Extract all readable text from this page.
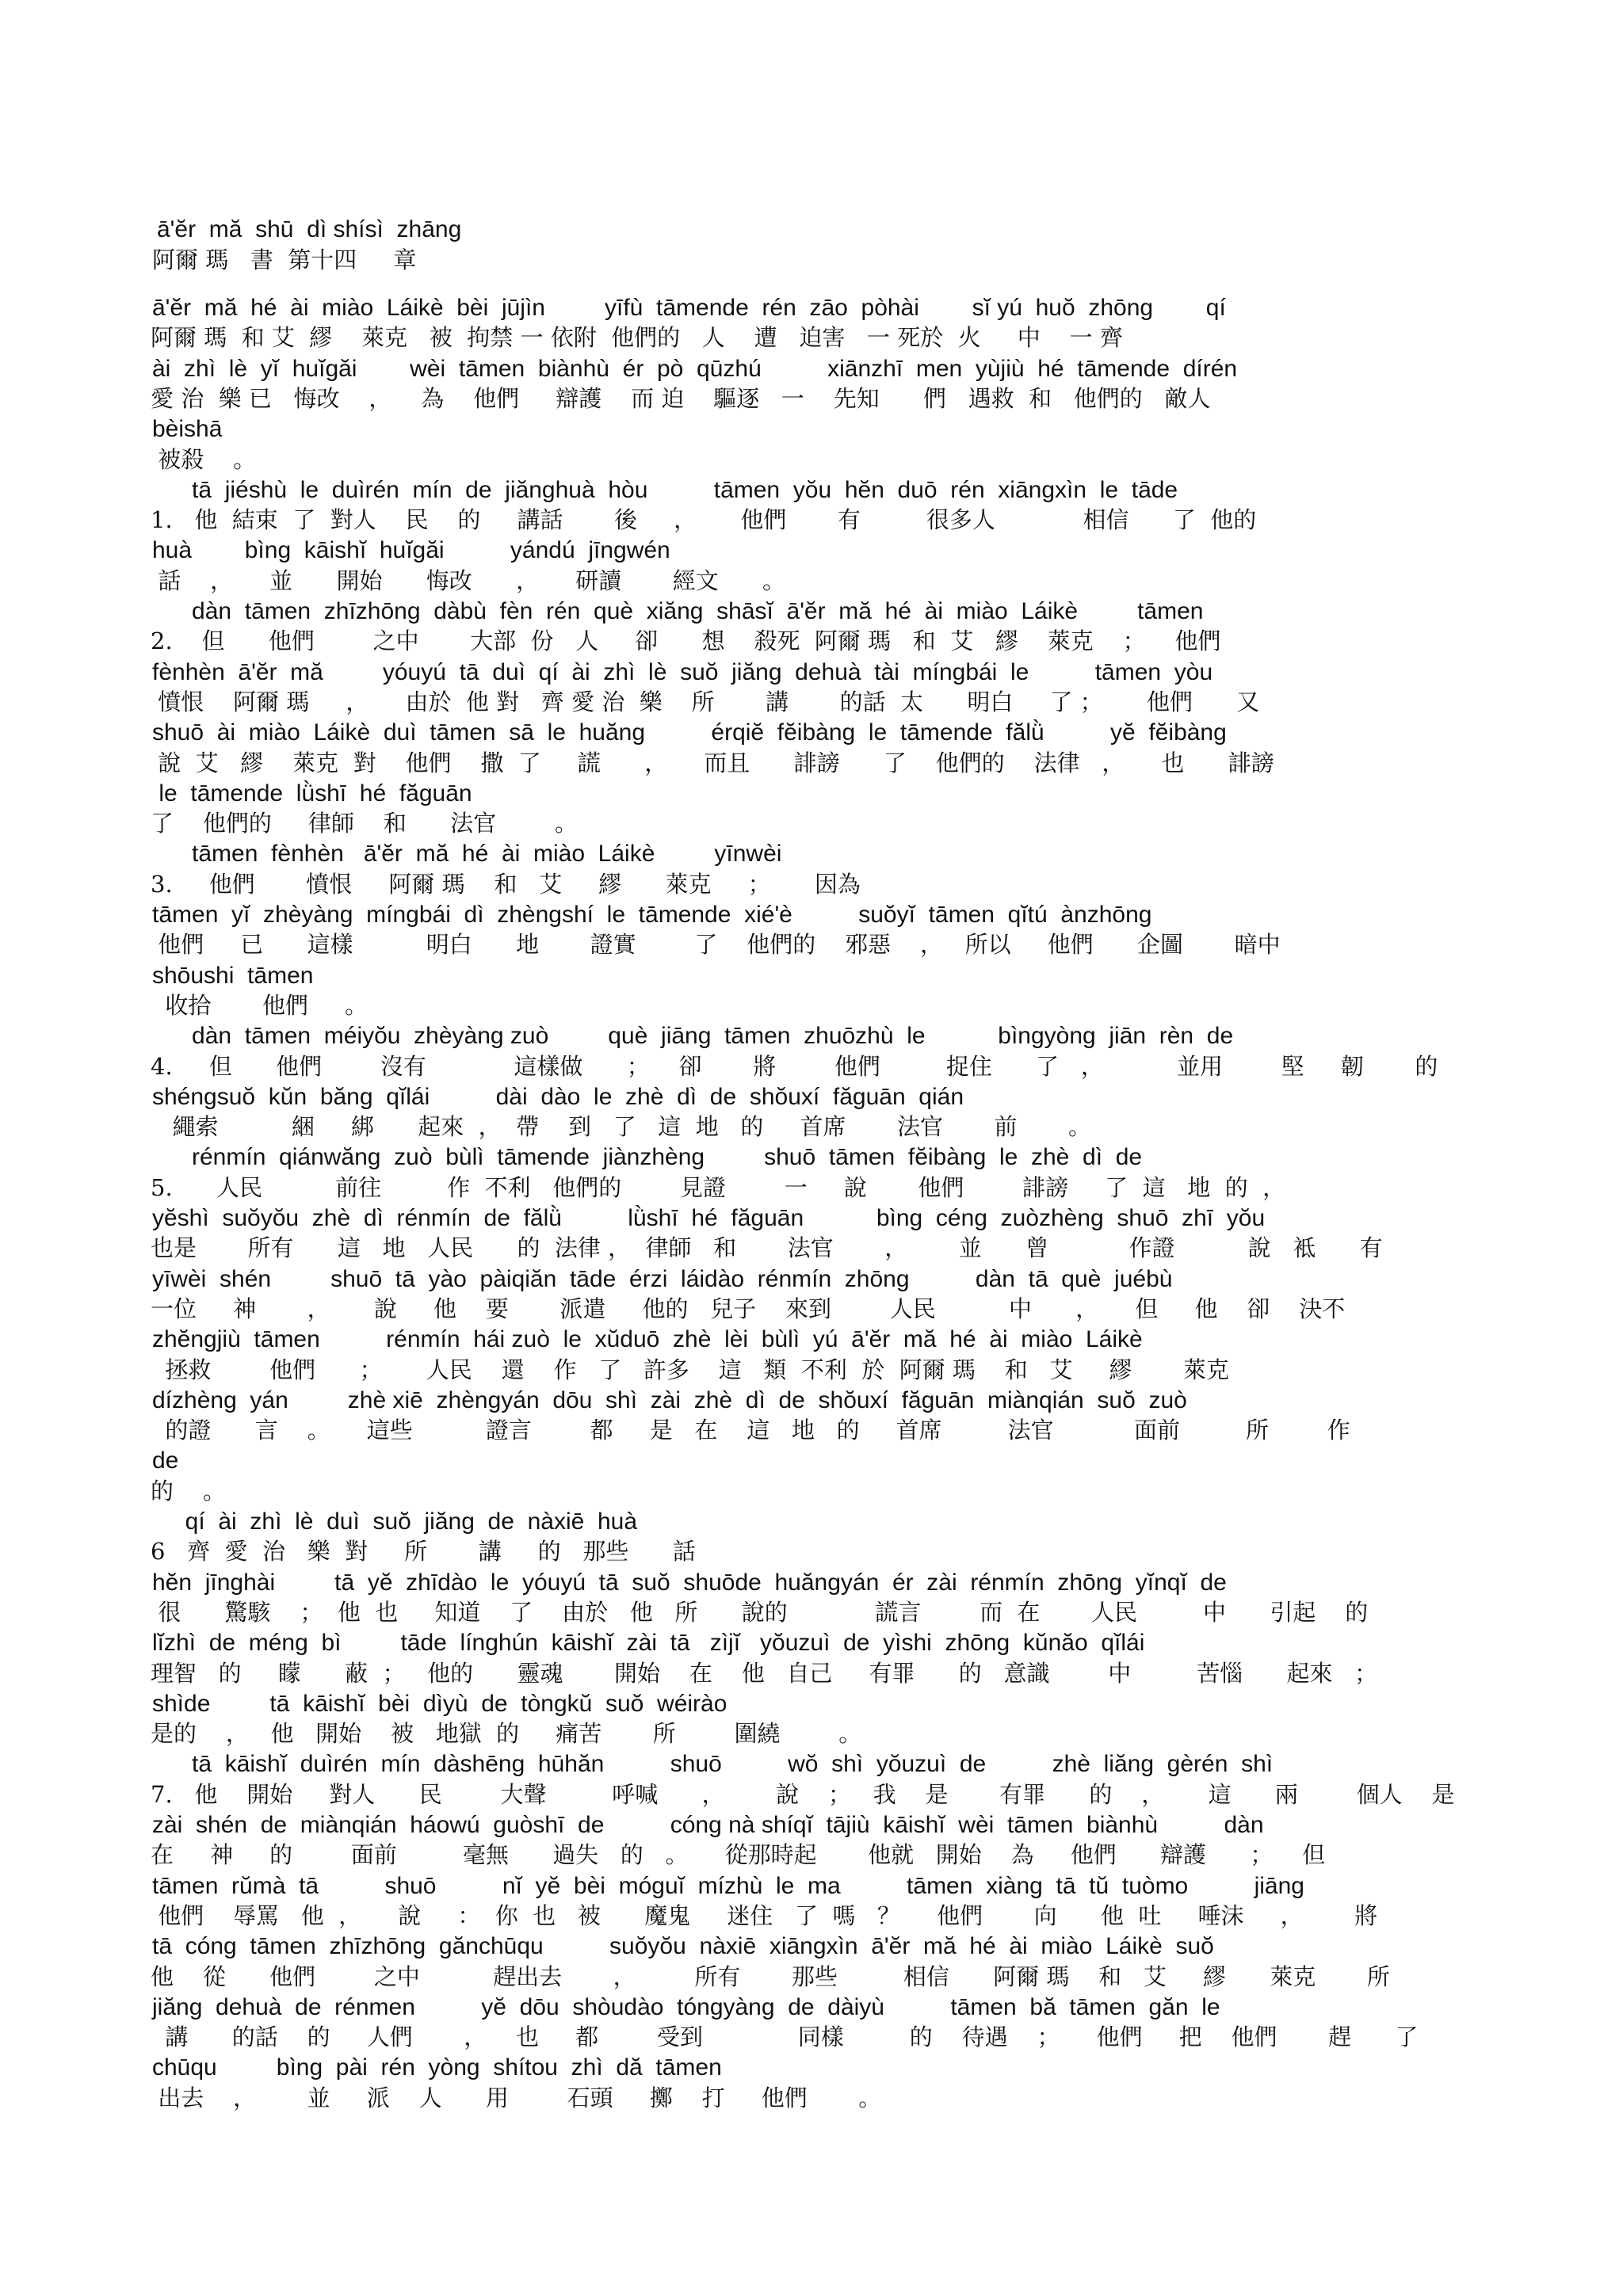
ā'ĕr  mă  shū  dì shísì  zhāng
阿爾 瑪   書  第十四     章
ā'ĕr  mă  hé  ài  miào  Láikè  bèi  jūjìn         yīfù  tāmende  rén  zāo  pòhài        sĭ yú  huŏ  zhōng        qí
阿爾 瑪  和 艾  繆    萊克   被  拘禁 一 依附  他們的   人    遭   迫害   一 死於  火     中    一 齊
ài  zhì  lè  yĭ  huĭgăi        wèi  tāmen  biànhù  ér  pò  qūzhú          xiānzhī  men  yùjiù  hé  tāmende  dírén
愛 治  樂 已   悔改    ，    為    他們     辯護    而 迫    驅逐   一    先知      們   遇救  和   他們的   敵人
bèishā
被殺    。
tā  jiéshù  le  duìrén  mín  de  jiănghuà  hòu          tāmen  yŏu  hĕn  duō  rén  xiāngxìn  le  tāde
1.   他  結束  了  對人    民    的     講話       後     ，      他們       有         很多人            相信      了  他的
huà        bìng  kāishĭ  huĭgăi          yándú  jīngwén
話    ，     並      開始      悔改      ，     研讀       經文      。
dàn  tāmen  zhīzhōng  dàbù  fèn  rén  què  xiăng  shāsĭ  ā'ĕr  mă  hé  ài  miào  Láikè         tāmen
2.    但      他們        之中       大部  份   人     卻      想    殺死  阿爾 瑪   和  艾   繆    萊克    ；    他們
fènhèn  ā'ĕr  mă         yóuyú  tā  duì  qí  ài  zhì  lè  suŏ  jiăng  dehuà  tài  míngbái  le          tāmen  yòu
憤恨    阿爾 瑪     ，     由於  他 對   齊 愛 治  樂    所       講       的話  太      明白     了 ；      他們      又
shuō  ài  miào  Láikè  duì  tāmen  sā  le  huăng          érqiĕ  fĕibàng  le  tāmende  fălǜ          yĕ  fĕibàng
說  艾   繆    萊克  對    他們    撒  了     謊      ，     而且      誹謗      了    他們的    法律   ，     也      誹謗
le  tāmende  lǜshī  hé  făguān
了    他們的     律師    和      法官        。
tāmen  fènhèn   ā'ĕr  mă  hé  ài  miào  Láikè         yīnwèi
3.     他們       憤恨     阿爾 瑪    和   艾     繆      萊克     ；      因為
tāmen  yĭ  zhèyàng  míngbái  dì  zhèngshí  le  tāmende  xié'è          suŏyĭ  tāmen  qĭtú  ànzhōng
他們     已      這樣          明白      地       證實        了    他們的    邪惡    ，   所以     他們      企圖       暗中
shōushi  tāmen
收拾       他們     。
dàn  tāmen  méiyŏu  zhèyàng zuò         què  jiāng  tāmen  zhuōzhù  le           bìngyòng  jiān  rèn  de
4.     但      他們        沒有            這樣做      ；    卻       將        他們         捉住      了   ，          並用        堅     韌       的
shéngsuŏ  kŭn  băng  qĭlái          dài  dào  le  zhè  dì  de  shŏuxí  făguān  qián
繩索          綑     綁      起來  ，  帶    到   了   這  地   的     首席       法官       前       。
rénmín  qiánwăng  zuò  bùlì  tāmende  jiànzhèng         shuō  tāmen  fĕibàng  le  zhè  dì  de
5.      人民          前往         作  不利   他們的        見證        一     說       他們        誹謗     了  這   地  的  ，
yĕshì  suŏyŏu  zhè  dì  rénmín  de  fălǜ          lǜshī  hé  făguān           bìng  céng  zuòzhèng  shuō  zhī  yŏu
也是       所有      這   地   人民      的  法律 ，  律師   和       法官       ，       並      曾           作證          說   袛      有
yīwèi  shén         shuō  tā  yào  pàiqiăn  tāde  érzi  láidào  rénmín  zhōng          dàn  tā  què  juébù
一位     神       ，      說     他    要       派遣     他的   兒子    來到        人民          中      ，     但     他    卻    決不
zhĕngjiù  tāmen          rénmín  hái zuò  le  xŭduō  zhè  lèi  bùlì  yú  ā'ĕr  mă  hé  ài  miào  Láikè
拯救        他們      ；      人民    還    作   了   許多    這   類  不利  於  阿爾 瑪    和   艾     繆       萊克
dízhèng  yán         zhè xiē  zhèngyán  dōu  shì  zài  zhè  dì  de  shŏuxí  făguān  miànqián  suŏ  zuò
的證      言    。     這些          證言        都     是   在    這   地   的     首席         法官           面前         所        作
de
的    。
qí  ài  zhì  lè  duì  suŏ  jiăng  de  nàxiē  huà
6   齊  愛  治   樂  對     所       講     的   那些      話
hĕn  jīnghài         tā  yĕ  zhīdào  le  yóuyú  tā  suŏ  shuōde  huăngyán  ér  zài  rénmín  zhōng  yĭnqĭ  de
很      驚駭    ；  他  也     知道    了    由於   他   所      說的            謊言        而  在       人民         中      引起    的
lĭzhì  de  méng  bì         tāde  línghún  kāishĭ  zài  tā   zìjĭ   yŏuzuì  de  yìshi  zhōng  kŭnăo  qĭlái
理智   的     矇      蔽  ；   他的      靈魂       開始    在    他   自己     有罪      的   意識        中         苦惱      起來   ；
shìde         tā  kāishĭ  bèi  dìyù  de  tòngkŭ  suŏ  wéirào
是的    ，   他   開始    被   地獄  的     痛苦       所        圍繞        。
tā  kāishĭ  duìrén  mín  dàshēng  hūhăn          shuō          wŏ  shì  yŏuzuì  de          zhè  liăng  gèrén  shì
7.   他    開始     對人      民        大聲         呼喊      ，       說    ；   我    是       有罪      的    ，      這      兩        個人    是
zài  shén  de  miànqián  háowú  guòshī  de          cóng nà shíqĭ  tājiù  kāishĭ  wèi  tāmen  biànhù          dàn
在     神     的        面前         毫無      過失   的   。     從那時起       他就   開始    為     他們      辯護      ；    但
tāmen  rŭmà  tā          shuō          nĭ  yĕ  bèi  móguĭ  mízhù  le  ma          tāmen  xiàng  tā  tŭ  tuòmo          jiāng
他們    辱罵   他  ，     說     ：  你  也   被      魔鬼     迷住   了  嗎   ？     他們       向      他  吐     唾沫     ，       將
tā  cóng  tāmen  zhīzhōng  gănchūqu          suŏyŏu  nàxiē  xiāngxìn  ā'ĕr  mă  hé  ài  miào  Láikè  suŏ
他    從      他們        之中          趕出去       ，        所有       那些         相信      阿爾 瑪    和   艾     繆      萊克       所
jiăng  dehuà  de  rénmen          yĕ  dōu  shòudào  tóngyàng  de  dàiyù          tāmen  bă  tāmen  găn  le
講      的話    的     人們       ，    也     都        受到             同樣         的    待遇    ；     他們     把    他們       趕      了
chūqu         bìng  pài  rén  yòng  shítou  zhì  dă  tāmen
出去    ，       並     派    人      用        石頭     擲    打     他們       。
